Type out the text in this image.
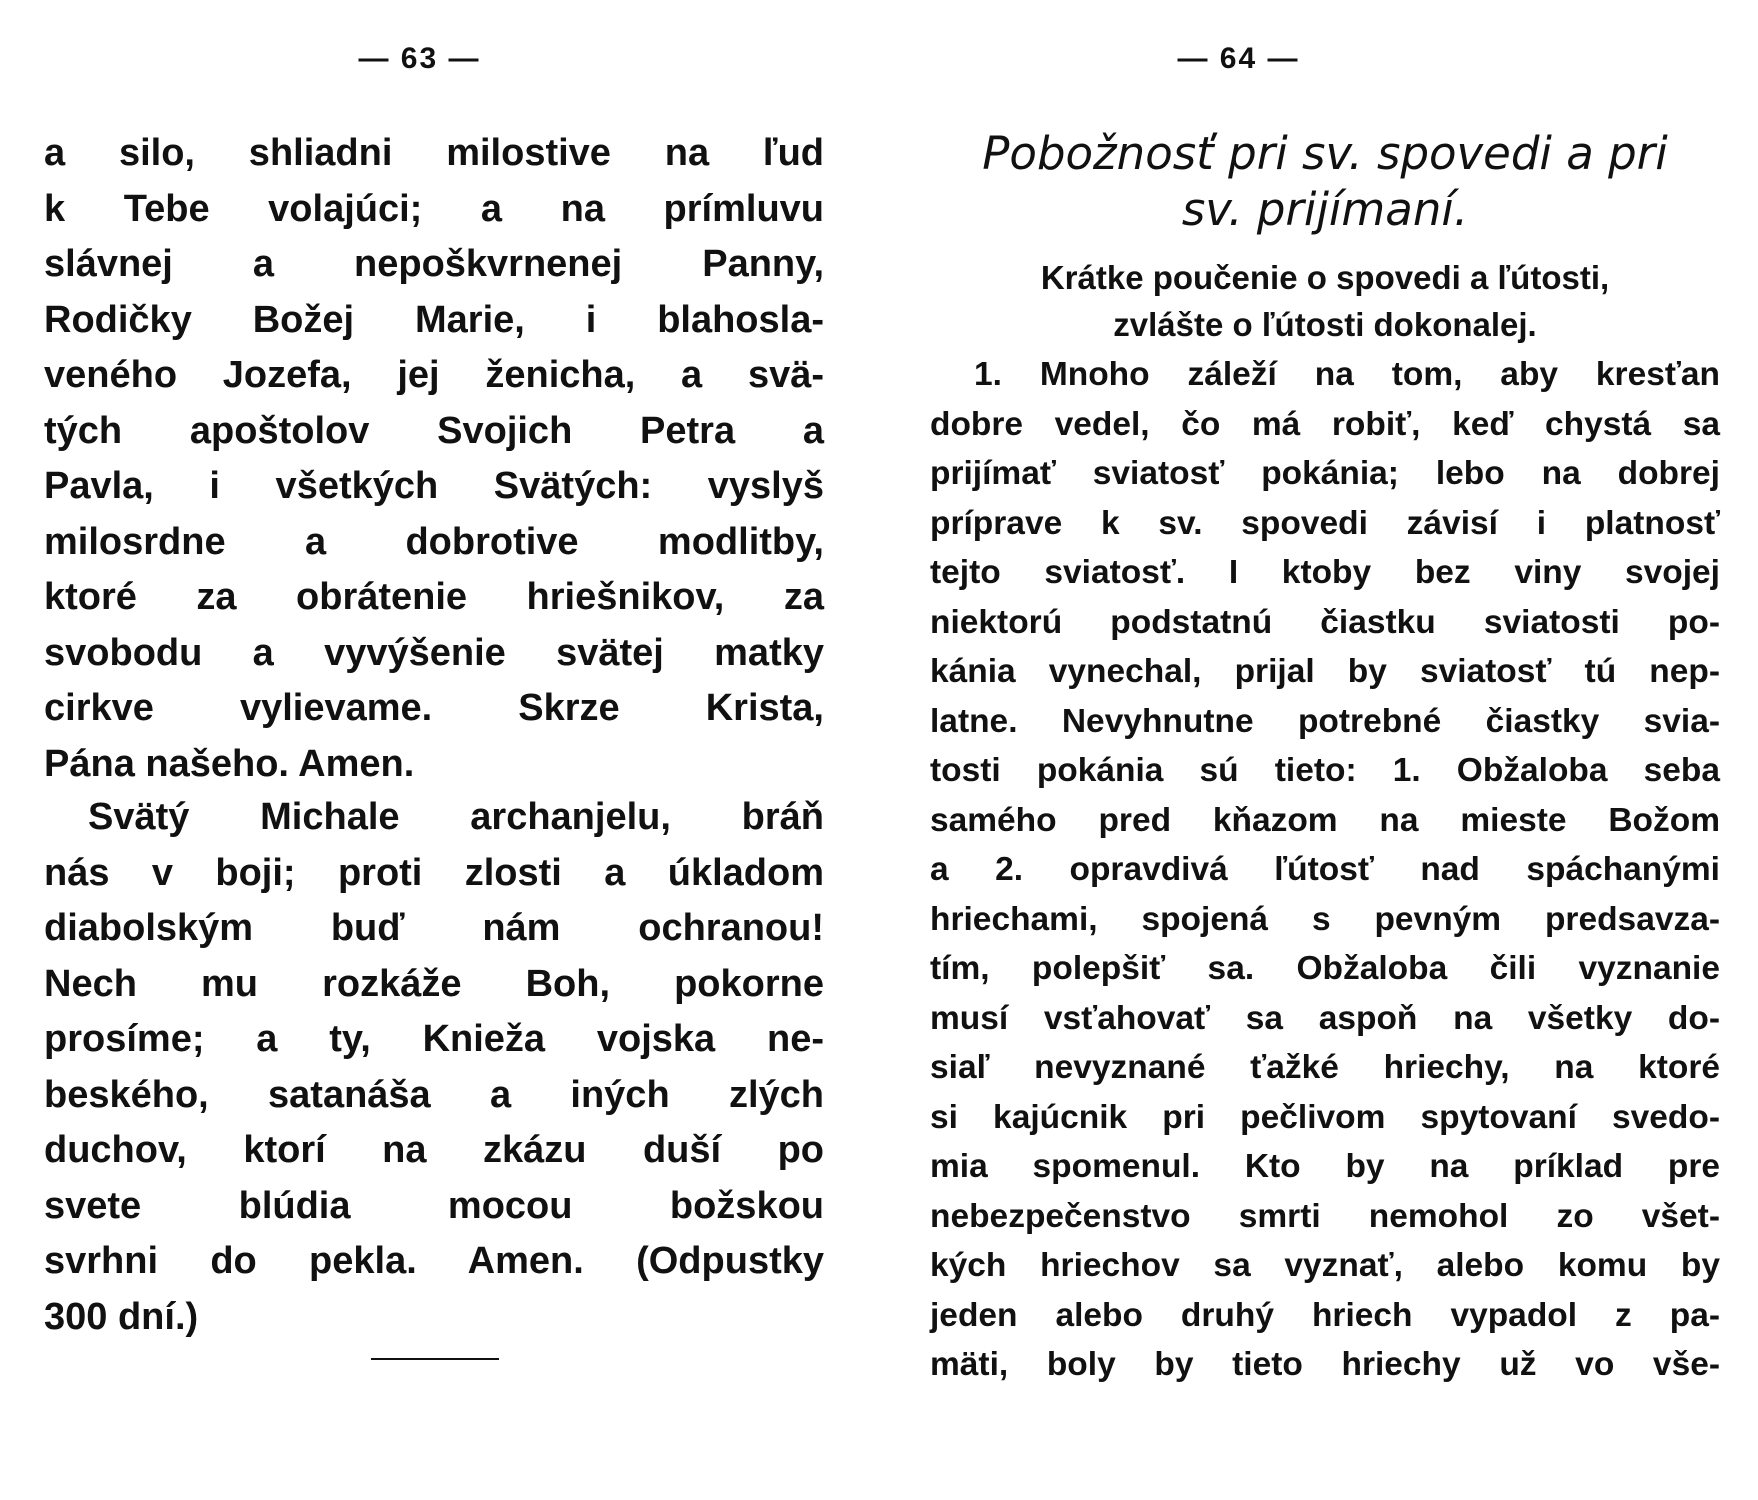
— 63 —
a silo, shliadni milostive na ľud
k Tebe volajúci; a na prímluvu
slávnej a nepoškvrnenej Panny,
Rodičky Božej Marie, i blahosla-
veného Jozefa, jej ženicha, a svä-
tých apoštolov Svojich Petra a
Pavla, i všetkých Svätých: vyslyš
milosrdne a dobrotive modlitby,
ktoré za obrátenie hriešnikov, za
svobodu a vyvýšenie svätej matky
cirkve vylievame. Skrze Krista,
Pána našeho. Amen.
Svätý Michale archanjelu, bráň
nás v boji; proti zlosti a úkladom
diabolským buď nám ochranou!
Nech mu rozkáže Boh, pokorne
prosíme; a ty, Knieža vojska ne-
beského, satanáša a iných zlých
duchov, ktorí na zkázu duší po
svete blúdia mocou božskou
svrhni do pekla. Amen. (Odpustky
300 dní.)
— 64 —
Pobožnosť pri sv. spovedi a pri
sv. prijímaní.
Krátke poučenie o spovedi a ľútosti,
zvlášte o ľútosti dokonalej.
1. Mnoho záleží na tom, aby kresťan
dobre vedel, čo má robiť, keď chystá sa
prijímať sviatosť pokánia; lebo na dobrej
príprave k sv. spovedi závisí i platnosť
tejto sviatosť. I ktoby bez viny svojej
niektorú podstatnú čiastku sviatosti po-
kánia vynechal, prijal by sviatosť tú nep-
latne. Nevyhnutne potrebné čiastky svia-
tosti pokánia sú tieto: 1. Obžaloba seba
samého pred kňazom na mieste Božom
a 2. opravdivá ľútosť nad spáchanými
hriechami, spojená s pevným predsavza-
tím, polepšiť sa. Obžaloba čili vyznanie
musí vsťahovať sa aspoň na všetky do-
siaľ nevyznané ťažké hriechy, na ktoré
si kajúcnik pri pečlivom spytovaní svedo-
mia spomenul. Kto by na príklad pre
nebezpečenstvo smrti nemohol zo všet-
kých hriechov sa vyznať, alebo komu by
jeden alebo druhý hriech vypadol z pa-
mäti, boly by tieto hriechy už vo vše-
